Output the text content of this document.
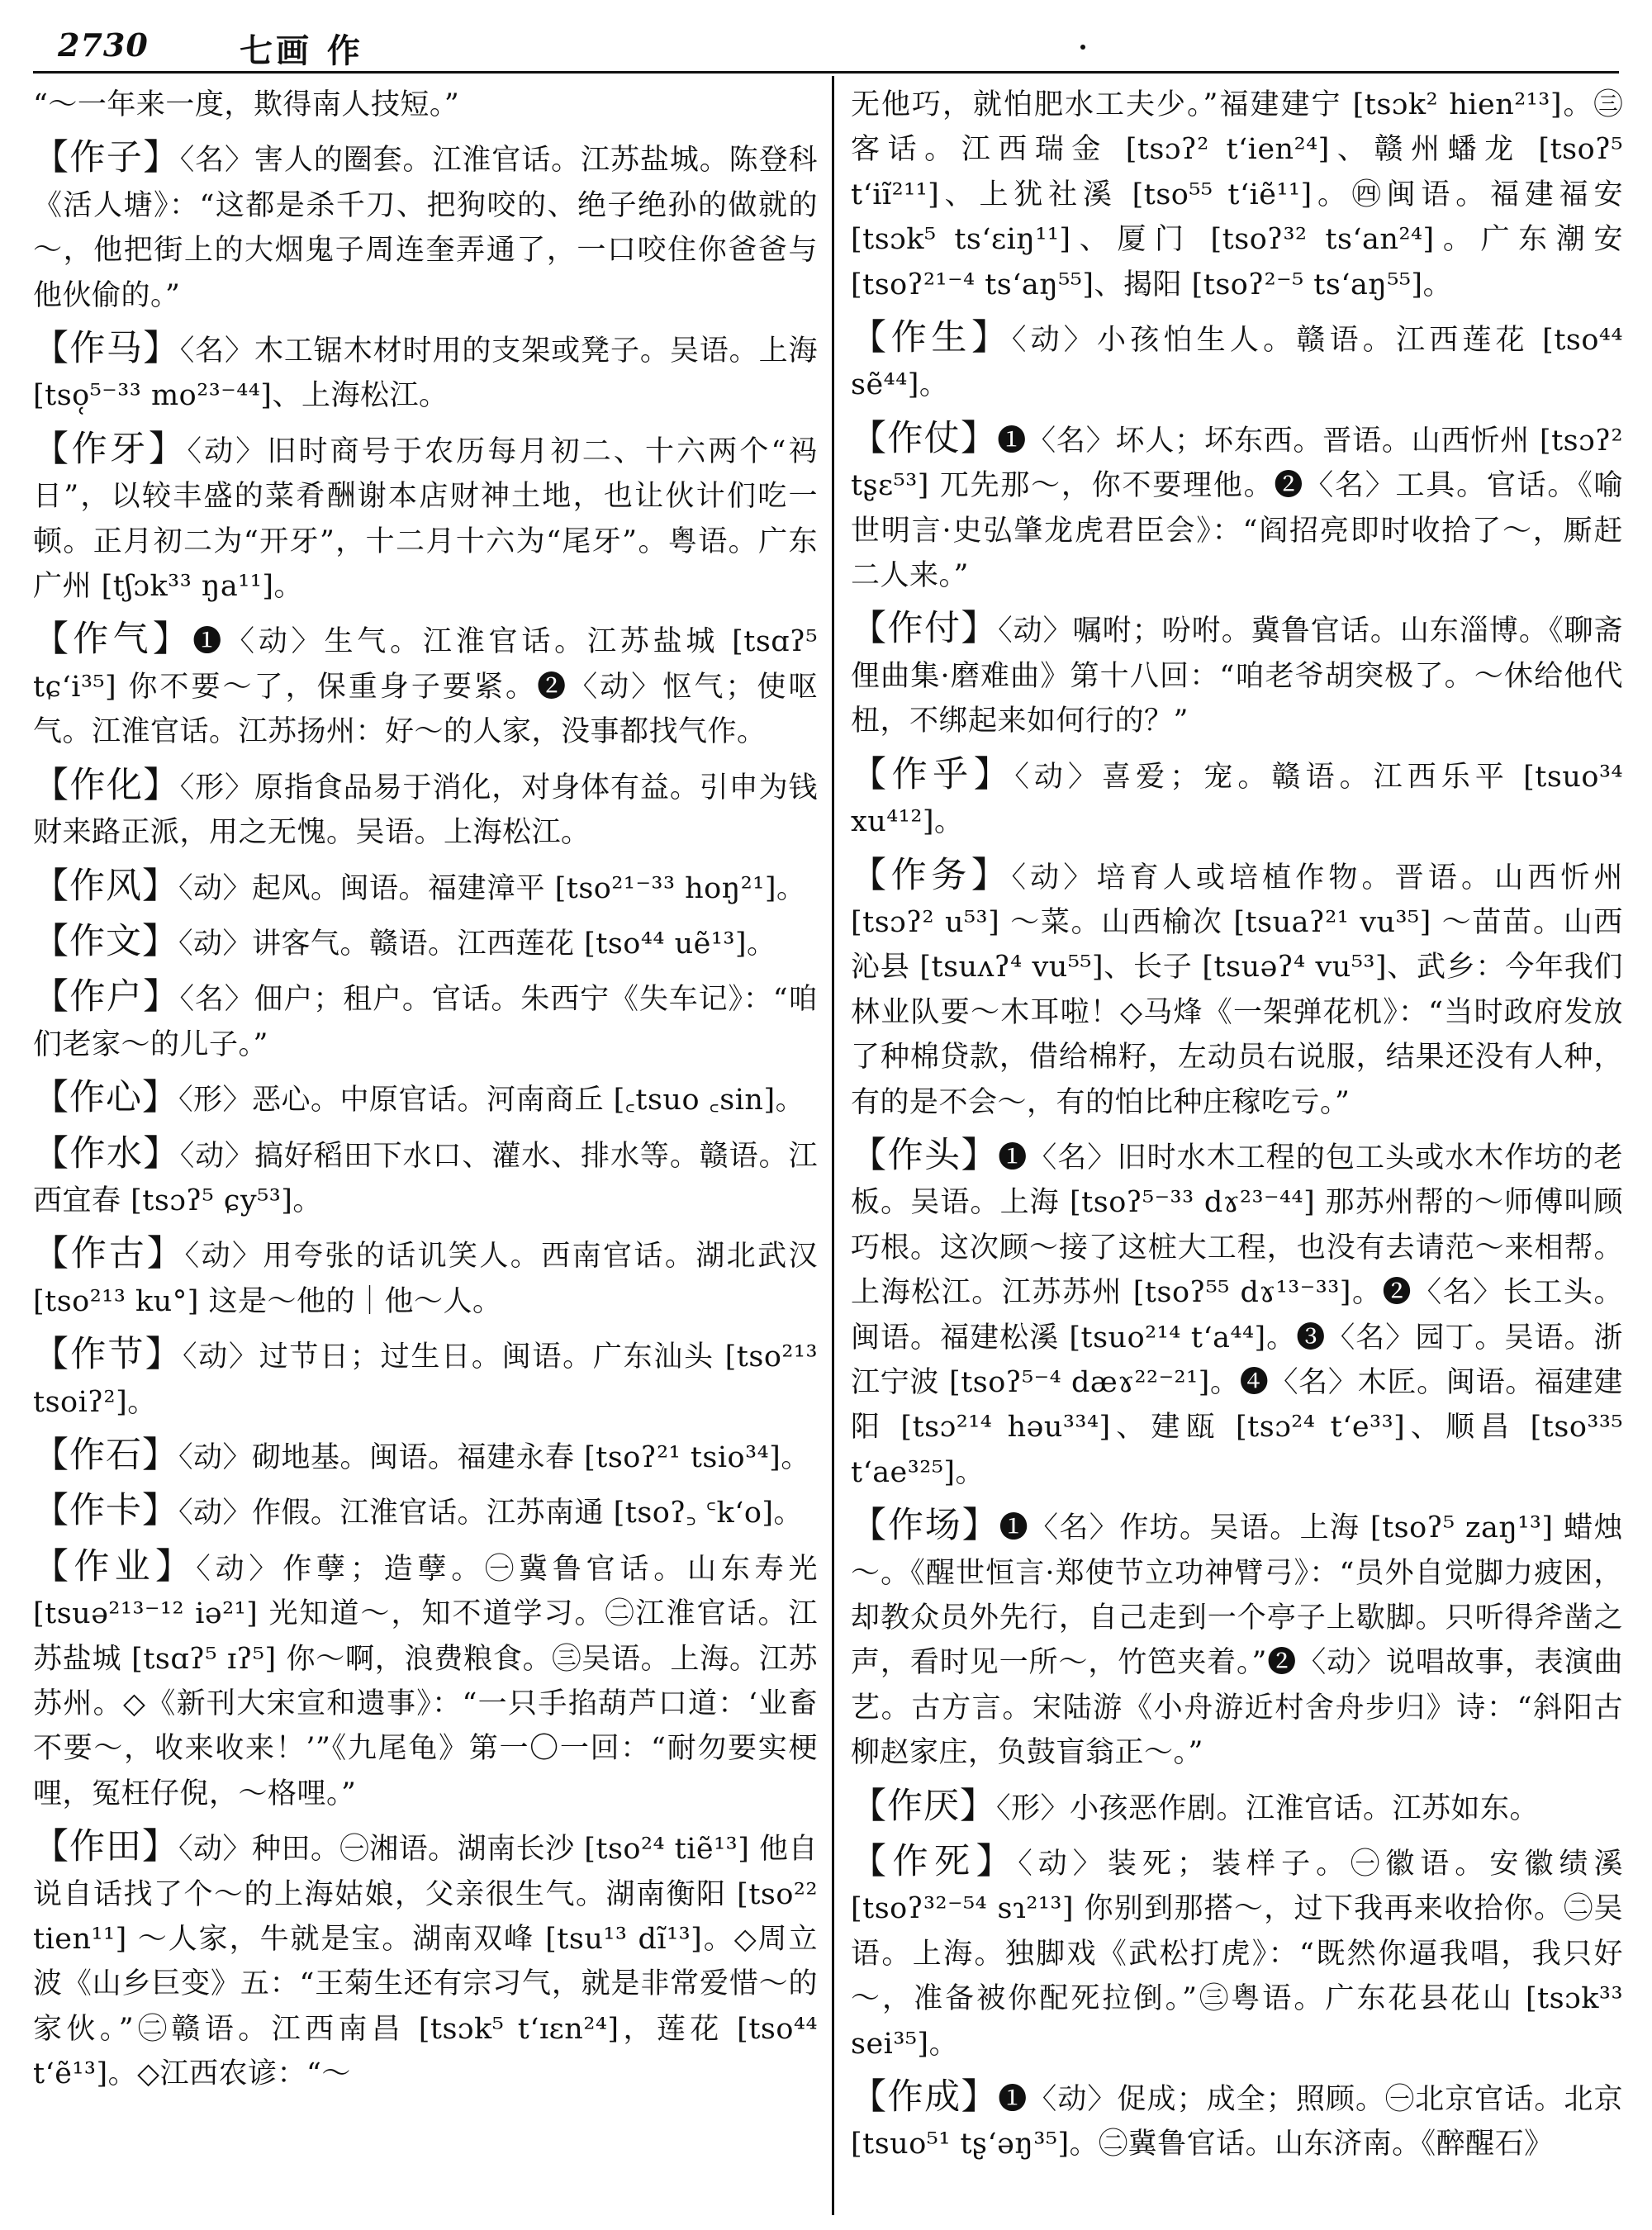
2730	七画 作

“～一年来一度，欺得南人技短。”

【作子】〈名〉害人的圈套。江淮官话。江苏盐城。陈登科《活人塘》：“这都是杀千刀、把狗咬的、绝子绝孙的做就的～，他把街上的大烟鬼子周连奎弄通了，一口咬住你爸爸与他伙偷的。”

【作马】〈名〉木工锯木材时用的支架或凳子。吴语。上海 [tso̜⁵⁻³³ mo²³⁻⁴⁴]、上海松江。

【作牙】〈动〉旧时商号于农历每月初二、十六两个“祃日”，以较丰盛的菜肴酬谢本店财神土地，也让伙计们吃一顿。正月初二为“开牙”，十二月十六为“尾牙”。粤语。广东广州 [tʃɔk³³ ŋa¹¹]。

【作气】❶〈动〉生气。江淮官话。江苏盐城 [tsɑʔ⁵ tɕ‘i³⁵] 你不要～了，保重身子要紧。❷〈动〉怄气；使呕气。江淮官话。江苏扬州：好～的人家，没事都找气作。

【作化】〈形〉原指食品易于消化，对身体有益。引申为钱财来路正派，用之无愧。吴语。上海松江。

【作风】〈动〉起风。闽语。福建漳平 [tso²¹⁻³³ hoŋ²¹]。

【作文】〈动〉讲客气。赣语。江西莲花 [tso⁴⁴ uẽ¹³]。

【作户】〈名〉佃户；租户。官话。朱西宁《失车记》：“咱们老家～的儿子。”

【作心】〈形〉恶心。中原官话。河南商丘 [꜀tsuo ꜀sin]。

【作水】〈动〉搞好稻田下水口、灌水、排水等。赣语。江西宜春 [tsɔʔ⁵ ɕy⁵³]。

【作古】〈动〉用夸张的话讥笑人。西南官话。湖北武汉 [tso²¹³ ku°] 这是～他的｜他～人。

【作节】〈动〉过节日；过生日。闽语。广东汕头 [tso²¹³ tsoiʔ²]。

【作石】〈动〉砌地基。闽语。福建永春 [tsoʔ²¹ tsio³⁴]。

【作卡】〈动〉作假。江淮官话。江苏南通 [tsoʔ꜆ ꜂k‘o]。

【作业】〈动〉作孽；造孽。㊀冀鲁官话。山东寿光 [tsuə²¹³⁻¹² iə²¹] 光知道～，知不道学习。㊁江淮官话。江苏盐城 [tsɑʔ⁵ ɪʔ⁵] 你～啊，浪费粮食。㊂吴语。上海。江苏苏州。◇《新刊大宋宣和遗事》：“一只手掐葫芦口道：‘业畜不要～，收来收来！’”《九尾龟》第一〇一回：“耐勿要实梗哩，冤枉仔倪，～格哩。”

【作田】〈动〉种田。㊀湘语。湖南长沙 [tso²⁴ tiẽ¹³] 他自说自话找了个～的上海姑娘，父亲很生气。湖南衡阳 [tso²² tien¹¹] ～人家，牛就是宝。湖南双峰 [tsu¹³ dĩ¹³]。◇周立波《山乡巨变》五：“王菊生还有宗习气，就是非常爱惜～的家伙。”㊁赣语。江西南昌 [tsɔk⁵ t‘ɪɛn²⁴]，莲花 [tso⁴⁴ t‘ẽ¹³]。◇江西农谚：“～

无他巧，就怕肥水工夫少。”福建建宁 [tsɔk² hien²¹³]。㊂客话。江西瑞金 [tsɔʔ² t‘ien²⁴]、赣州蟠龙 [tsoʔ⁵ t‘iĩ²¹¹]、上犹社溪 [tso⁵⁵ t‘iẽ¹¹]。㊃闽语。福建福安 [tsɔk⁵ ts‘ɛiŋ¹¹]、厦门 [tsoʔ³² ts‘an²⁴]。广东潮安 [tsoʔ²¹⁻⁴ ts‘aŋ⁵⁵]、揭阳 [tsoʔ²⁻⁵ ts‘aŋ⁵⁵]。

【作生】〈动〉小孩怕生人。赣语。江西莲花 [tso⁴⁴ sẽ⁴⁴]。

【作仗】❶〈名〉坏人；坏东西。晋语。山西忻州 [tsɔʔ² tʂɛ⁵³] 兀先那～，你不要理他。❷〈名〉工具。官话。《喻世明言·史弘肇龙虎君臣会》：“阎招亮即时收拾了～，厮赶二人来。”

【作付】〈动〉嘱咐；吩咐。冀鲁官话。山东淄博。《聊斋俚曲集·磨难曲》第十八回：“咱老爷胡突极了。～休给他代杻，不绑起来如何行的？”

【作乎】〈动〉喜爱；宠。赣语。江西乐平 [tsuo³⁴ xu⁴¹²]。

【作务】〈动〉培育人或培植作物。晋语。山西忻州 [tsɔʔ² u⁵³] ～菜。山西榆次 [tsuaʔ²¹ vu³⁵] ～苗苗。山西沁县 [tsuʌʔ⁴ vu⁵⁵]、长子 [tsuəʔ⁴ vu⁵³]、武乡：今年我们林业队要～木耳啦！◇马烽《一架弹花机》：“当时政府发放了种棉贷款，借给棉籽，左动员右说服，结果还没有人种，有的是不会～，有的怕比种庄稼吃亏。”

【作头】❶〈名〉旧时水木工程的包工头或水木作坊的老板。吴语。上海 [tsoʔ⁵⁻³³ dɤ²³⁻⁴⁴] 那苏州帮的～师傅叫顾巧根。这次顾～接了这桩大工程，也没有去请范～来相帮。上海松江。江苏苏州 [tsoʔ⁵⁵ dɤ¹³⁻³³]。❷〈名〉长工头。闽语。福建松溪 [tsuo²¹⁴ t‘a⁴⁴]。❸〈名〉园丁。吴语。浙江宁波 [tsoʔ⁵⁻⁴ dæɤ²²⁻²¹]。❹〈名〉木匠。闽语。福建建阳 [tsɔ²¹⁴ həu³³⁴]、建瓯 [tsɔ²⁴ t‘e³³]、顺昌 [tso³³⁵ t‘ae³²⁵]。

【作场】❶〈名〉作坊。吴语。上海 [tsoʔ⁵ zaŋ¹³] 蜡烛～。《醒世恒言·郑使节立功神臂弓》：“员外自觉脚力疲困，却教众员外先行，自己走到一个亭子上歇脚。只听得斧凿之声，看时见一所～，竹笆夹着。”❷〈动〉说唱故事，表演曲艺。古方言。宋陆游《小舟游近村舍舟步归》诗：“斜阳古柳赵家庄，负鼓盲翁正～。”

【作厌】〈形〉小孩恶作剧。江淮官话。江苏如东。

【作死】〈动〉装死；装样子。㊀徽语。安徽绩溪 [tsoʔ³²⁻⁵⁴ sɿ²¹³] 你别到那搭～，过下我再来收拾你。㊁吴语。上海。独脚戏《武松打虎》：“既然你逼我唱，我只好～，准备被你配死拉倒。”㊂粤语。广东花县花山 [tsɔk³³ sei³⁵]。

【作成】❶〈动〉促成；成全；照顾。㊀北京官话。北京 [tsuo⁵¹ tʂ‘əŋ³⁵]。㊁冀鲁官话。山东济南。《醉醒石》
